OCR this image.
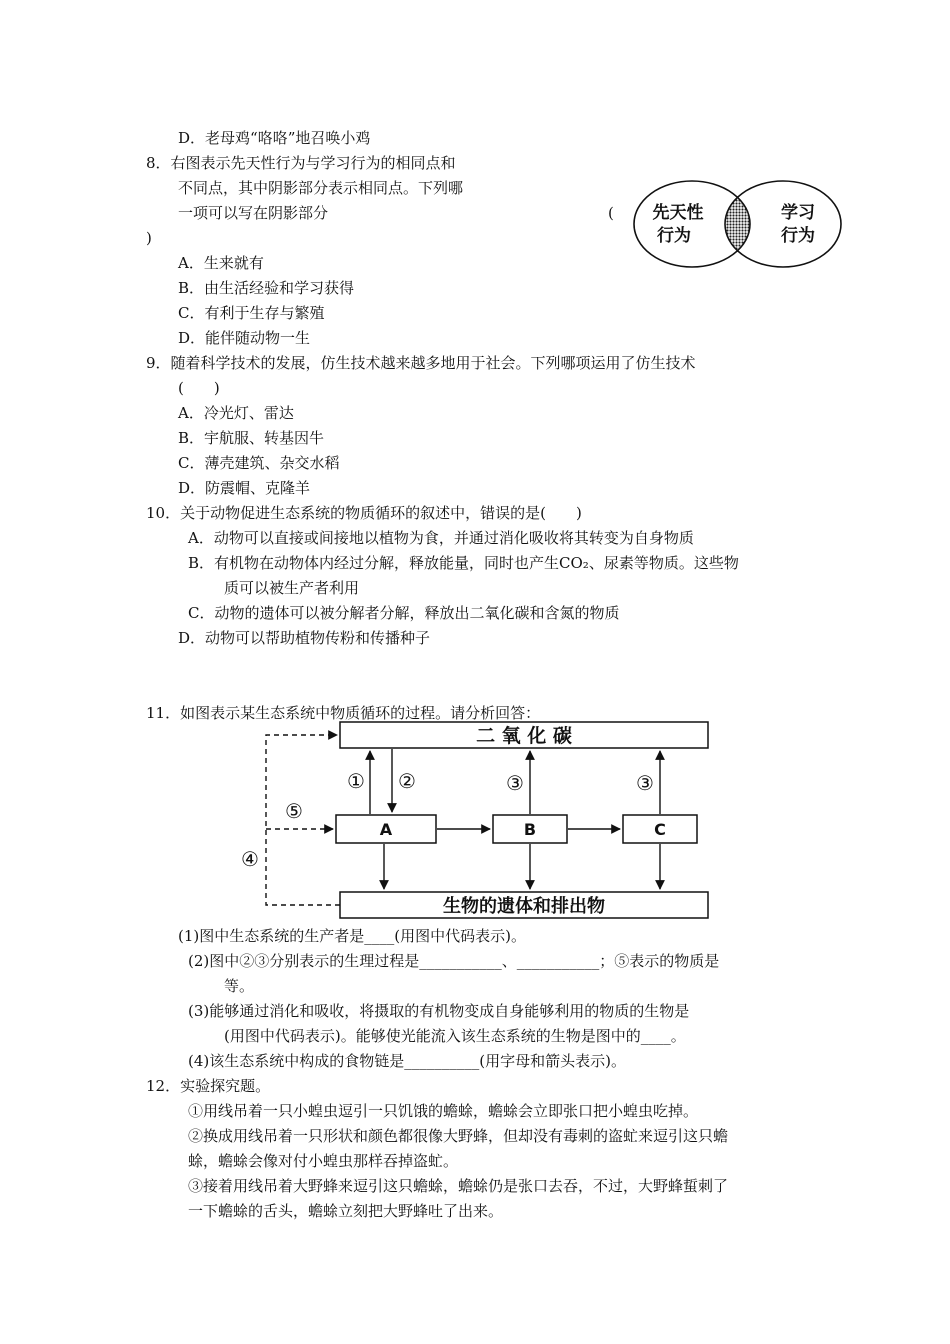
D．老母鸡“咯咯”地召唤小鸡
8．右图表示先天性行为与学习行为的相同点和
不同点，其中阴影部分表示相同点。下列哪
一项可以写在阴影部分	(
)
A．生来就有
B．由生活经验和学习获得
C．有利于生存与繁殖
D．能伴随动物一生
先天性
行为
学习
行为
9．随着科学技术的发展，仿生技术越来越多地用于社会。下列哪项运用了仿生技术
(　　)
A．冷光灯、雷达
B．宇航服、转基因牛
C．薄壳建筑、杂交水稻
D．防震帽、克隆羊
10．关于动物促进生态系统的物质循环的叙述中，错误的是(　　)
A．动物可以直接或间接地以植物为食，并通过消化吸收将其转变为自身物质
B．有机物在动物体内经过分解，释放能量，同时也产生CO₂、尿素等物质。这些物
质可以被生产者利用
C．动物的遗体可以被分解者分解，释放出二氧化碳和含氮的物质
D．动物可以帮助植物传粉和传播种子
11．如图表示某生态系统中物质循环的过程。请分析回答：
二 氧 化 碳
生物的遗体和排出物
A	B	C
① ②	③	③
⑤
④
(1)图中生态系统的生产者是____(用图中代码表示)。
(2)图中②③分别表示的生理过程是___________、___________；⑤表示的物质是
等。
(3)能够通过消化和吸收，将摄取的有机物变成自身能够利用的物质的生物是
(用图中代码表示)。能够使光能流入该生态系统的生物是图中的____。
(4)该生态系统中构成的食物链是__________(用字母和箭头表示)。
12．实验探究题。
①用线吊着一只小蝗虫逗引一只饥饿的蟾蜍，蟾蜍会立即张口把小蝗虫吃掉。
②换成用线吊着一只形状和颜色都很像大野蜂，但却没有毒刺的盗虻来逗引这只蟾
蜍，蟾蜍会像对付小蝗虫那样吞掉盗虻。
③接着用线吊着大野蜂来逗引这只蟾蜍，蟾蜍仍是张口去吞，不过，大野蜂蜇刺了
一下蟾蜍的舌头，蟾蜍立刻把大野蜂吐了出来。
